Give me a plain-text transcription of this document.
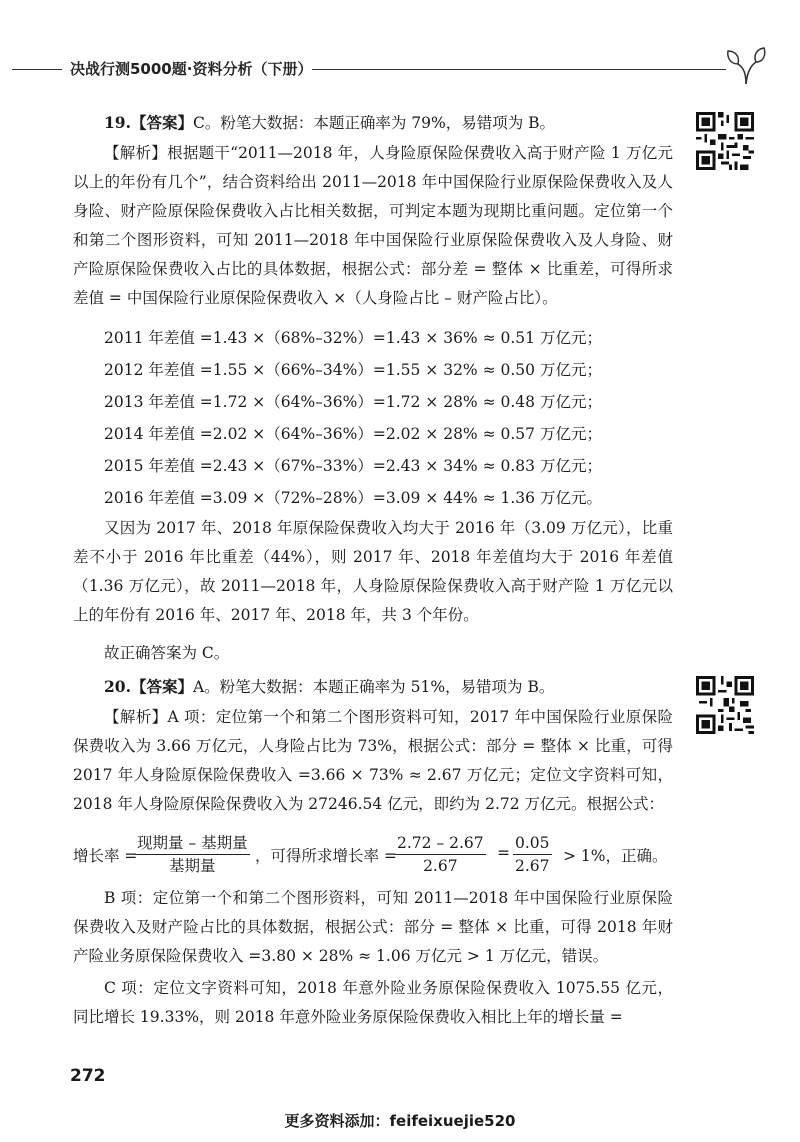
决战行测5000题·资料分析（下册）
19.【答案】C。粉笔大数据：本题正确率为 79%，易错项为 B。
【解析】根据题干“2011—2018 年，人身险原保险保费收入高于财产险 1 万亿元以上的年份有几个”，结合资料给出 2011—2018 年中国保险行业原保险保费收入及人身险、财产险原保险保费收入占比相关数据，可判定本题为现期比重问题。定位第一个和第二个图形资料，可知 2011—2018 年中国保险行业原保险保费收入及人身险、财产险原保险保费收入占比的具体数据，根据公式：部分差 = 整体 × 比重差，可得所求差值 = 中国保险行业原保险保费收入 ×（人身险占比 – 财产险占比）。
2011 年差值 =1.43 ×（68%–32%）=1.43 × 36% ≈ 0.51 万亿元；
2012 年差值 =1.55 ×（66%–34%）=1.55 × 32% ≈ 0.50 万亿元；
2013 年差值 =1.72 ×（64%–36%）=1.72 × 28% ≈ 0.48 万亿元；
2014 年差值 =2.02 ×（64%–36%）=2.02 × 28% ≈ 0.57 万亿元；
2015 年差值 =2.43 ×（67%–33%）=2.43 × 34% ≈ 0.83 万亿元；
2016 年差值 =3.09 ×（72%–28%）=3.09 × 44% ≈ 1.36 万亿元。
又因为 2017 年、2018 年原保险保费收入均大于 2016 年（3.09 万亿元），比重差不小于 2016 年比重差（44%），则 2017 年、2018 年差值均大于 2016 年差值（1.36 万亿元），故 2011—2018 年，人身险原保险保费收入高于财产险 1 万亿元以上的年份有 2016 年、2017 年、2018 年，共 3 个年份。
故正确答案为 C。
20.【答案】A。粉笔大数据：本题正确率为 51%，易错项为 B。
【解析】A 项：定位第一个和第二个图形资料可知，2017 年中国保险行业原保险保费收入为 3.66 万亿元，人身险占比为 73%，根据公式：部分 = 整体 × 比重，可得 2017 年人身险原保险保费收入 =3.66 × 73% ≈ 2.67 万亿元；定位文字资料可知，2018 年人身险原保险保费收入为 27246.54 亿元，即约为 2.72 万亿元。根据公式：
增长率 =
现期量 – 基期量
基期量
，可得所求增长率 =
$\frac{2.72 - 2.67}{2.67} = \frac{0.05}{2.67} > 1\%$，正确。
B 项：定位第一个和第二个图形资料，可知 2011—2018 年中国保险行业原保险保费收入及财产险占比的具体数据，根据公式：部分 = 整体 × 比重，可得 2018 年财产险业务原保险保费收入 =3.80 × 28% ≈ 1.06 万亿元 > 1 万亿元，错误。
C 项：定位文字资料可知，2018 年意外险业务原保险保费收入 1075.55 亿元，同比增长 19.33%，则 2018 年意外险业务原保险保费收入相比上年的增长量 =
272
更多资料添加：feifeixuejie520
